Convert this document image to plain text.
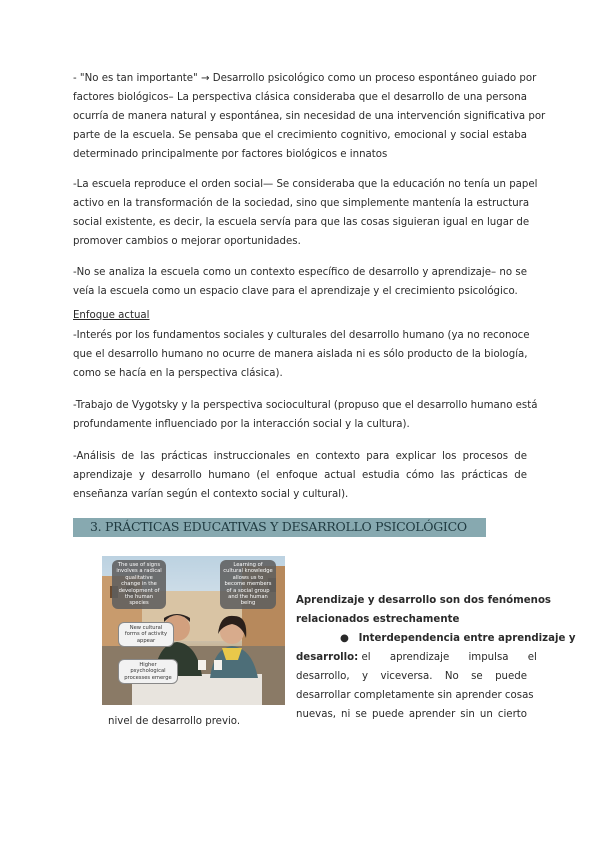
- "No es tan importante" → Desarrollo psicológico como un proceso espontáneo guiado por
factores biológicos– La perspectiva clásica consideraba que el desarrollo de una persona
ocurría de manera natural y espontánea, sin necesidad de una intervención significativa por
parte de la escuela. Se pensaba que el crecimiento cognitivo, emocional y social estaba
determinado principalmente por factores biológicos e innatos
-La escuela reproduce el orden social— Se consideraba que la educación no tenía un papel
activo en la transformación de la sociedad, sino que simplemente mantenía la estructura
social existente, es decir, la escuela servía para que las cosas siguieran igual en lugar de
promover cambios o mejorar oportunidades.
-No se analiza la escuela como un contexto específico de desarrollo y aprendizaje– no se
veía la escuela como un espacio clave para el aprendizaje y el crecimiento psicológico.
Enfoque actual
-Interés por los fundamentos sociales y culturales del desarrollo humano (ya no reconoce
que el desarrollo humano no ocurre de manera aislada ni es sólo producto de la biología,
como se hacía en la perspectiva clásica).
-Trabajo de Vygotsky y la perspectiva sociocultural (propuso que el desarrollo humano está
profundamente influenciado por la interacción social y la cultura).
-Análisis de las prácticas instruccionales en contexto para explicar los procesos de
aprendizaje y desarrollo humano (el enfoque actual estudia cómo las prácticas de
enseñanza varían según el contexto social y cultural).
3. PRÁCTICAS EDUCATIVAS Y DESARROLLO PSICOLÓGICO
The use of signs involves a radical qualitative change in the development of the human species
Learning of cultural knowledge allows us to become members of a social group and the human being
New cultural forms of activity appear
Higher psychological processes emerge
Aprendizaje y desarrollo son dos fenómenos
relacionados estrechamente
● Interdependencia entre aprendizaje y
desarrollo: el aprendizaje impulsa el
desarrollo, y viceversa. No se puede
desarrollar completamente sin aprender cosas
nuevas, ni se puede aprender sin un cierto
nivel de desarrollo previo.
